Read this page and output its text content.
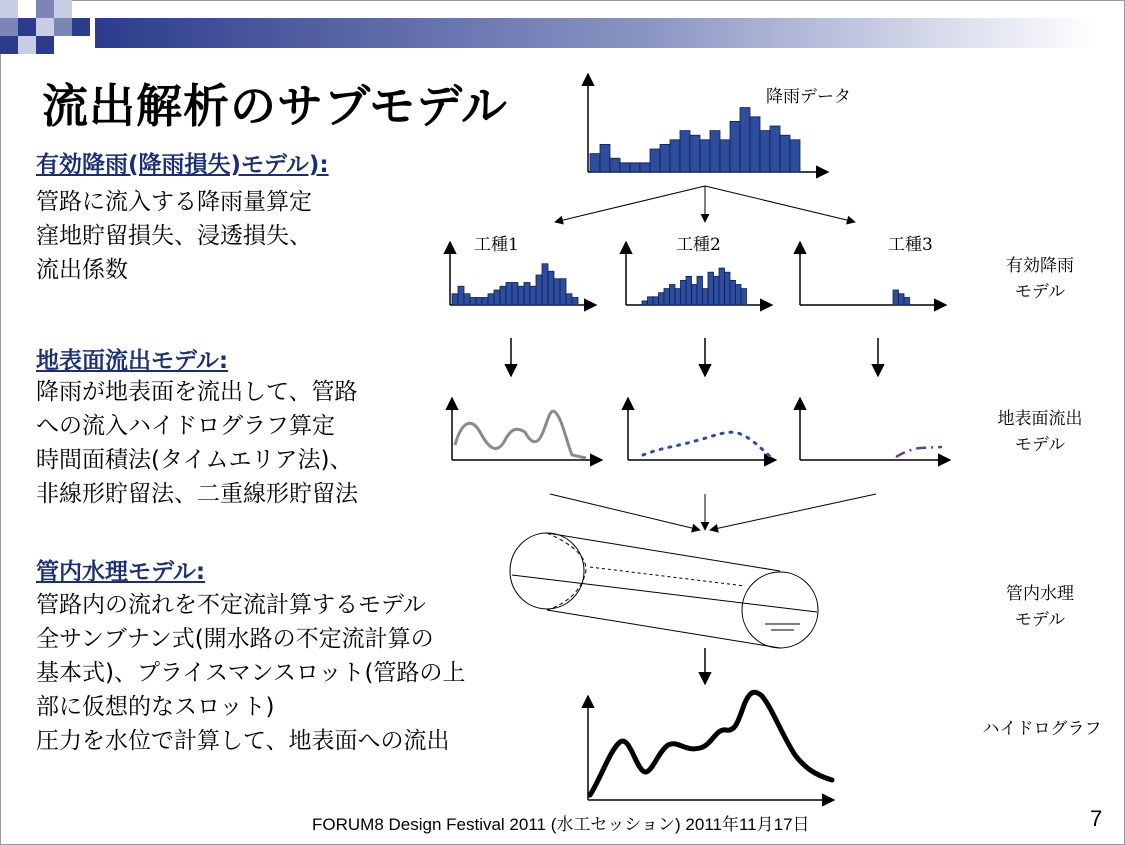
流出解析のサブモデル
有効降雨(降雨損失)モデル):
管路に流入する降雨量算定
窪地貯留損失、浸透損失、
流出係数
地表面流出モデル:
降雨が地表面を流出して、管路
への流入ハイドログラフ算定
時間面積法(タイムエリア法)、
非線形貯留法、二重線形貯留法
管内水理モデル:
管路内の流れを不定流計算するモデル
全サンブナン式(開水路の不定流計算の
基本式)、プライスマンスロット(管路の上
部に仮想的なスロット)
圧力を水位で計算して、地表面への流出
降雨データ
工種1	工種2	工種3
有効降雨
モデル
地表面流出
モデル
管内水理
モデル
ハイドログラフ
FORUM8 Design Festival 2011 (水工セッション) 2011年11月17日	7
